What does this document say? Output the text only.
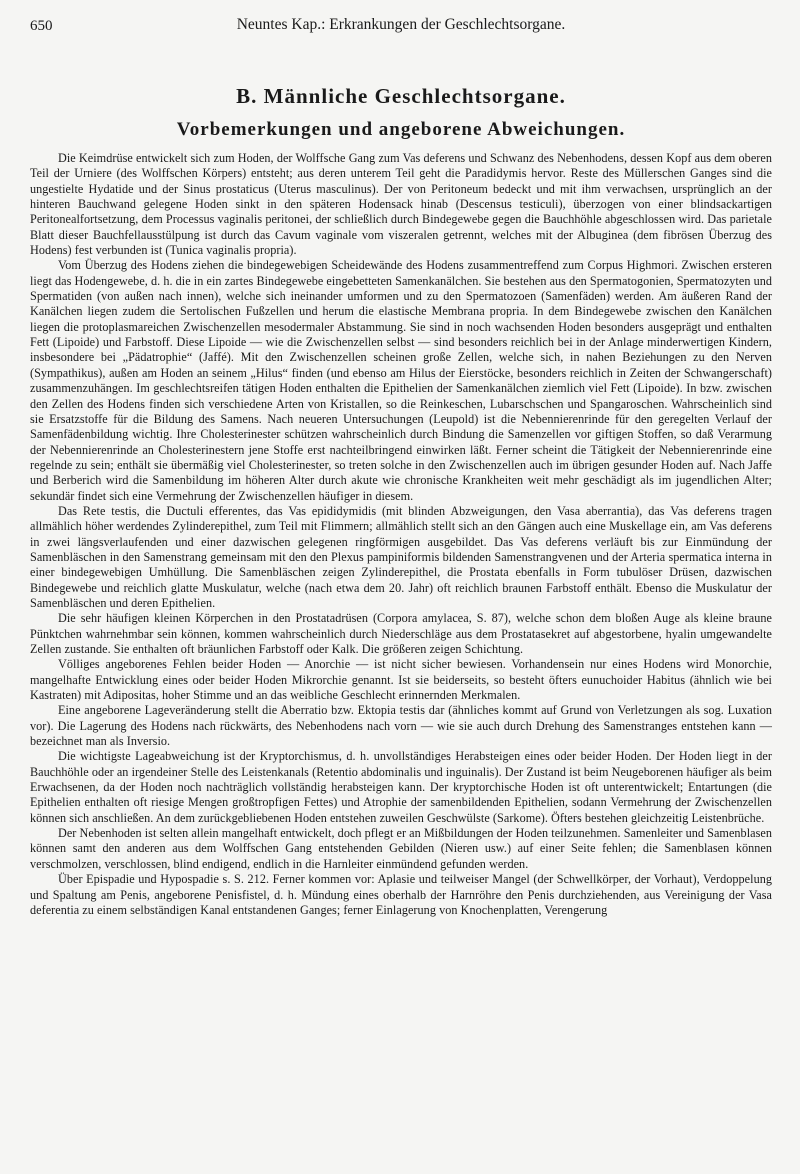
650	Neuntes Kap.: Erkrankungen der Geschlechtsorgane.
B. Männliche Geschlechtsorgane.
Vorbemerkungen und angeborene Abweichungen.

Die Keimdrüse entwickelt sich zum Hoden, der Wolffsche Gang zum Vas deferens und Schwanz des Nebenhodens, dessen Kopf aus dem oberen Teil der Urniere (des Wolffschen Körpers) entsteht; aus deren unterem Teil geht die Paradidymis hervor. Reste des Müllerschen Ganges sind die ungestielte Hydatide und der Sinus prostaticus (Uterus masculinus). Der von Peritoneum bedeckt und mit ihm verwachsen, ursprünglich an der hinteren Bauchwand gelegene Hoden sinkt in den späteren Hodensack hinab (Descensus testiculi), überzogen von einer blindsackartigen Peritonealfortsetzung, dem Processus vaginalis peritonei, der schließlich durch Bindegewebe gegen die Bauchhöhle abgeschlossen wird. Das parietale Blatt dieser Bauchfellausstülpung ist durch das Cavum vaginale vom viszeralen getrennt, welches mit der Albuginea (dem fibrösen Überzug des Hodens) fest verbunden ist (Tunica vaginalis propria).

Vom Überzug des Hodens ziehen die bindegewebigen Scheidewände des Hodens zusammentreffend zum Corpus Highmori. Zwischen ersteren liegt das Hodengewebe, d. h. die in ein zartes Bindegewebe eingebetteten Samenkanälchen. Sie bestehen aus den Spermatogonien, Spermatozyten und Spermatiden (von außen nach innen), welche sich ineinander umformen und zu den Spermatozoen (Samenfäden) werden. Am äußeren Rand der Kanälchen liegen zudem die Sertolischen Fußzellen und herum die elastische Membrana propria. In dem Bindegewebe zwischen den Kanälchen liegen die protoplasmareichen Zwischenzellen mesodermaler Abstammung. Sie sind in noch wachsenden Hoden besonders ausgeprägt und enthalten Fett (Lipoide) und Farbstoff. Diese Lipoide — wie die Zwischenzellen selbst — sind besonders reichlich bei in der Anlage minderwertigen Kindern, insbesondere bei „Pädatrophie“ (Jaffé). Mit den Zwischenzellen scheinen große Zellen, welche sich, in nahen Beziehungen zu den Nerven (Sympathikus), außen am Hoden an seinem „Hilus“ finden (und ebenso am Hilus der Eierstöcke, besonders reichlich in Zeiten der Schwangerschaft) zusammenzuhängen. Im geschlechtsreifen tätigen Hoden enthalten die Epithelien der Samenkanälchen ziemlich viel Fett (Lipoide). In bzw. zwischen den Zellen des Hodens finden sich verschiedene Arten von Kristallen, so die Reinkeschen, Lubarschschen und Spangaroschen. Wahrscheinlich sind sie Ersatzstoffe für die Bildung des Samens. Nach neueren Untersuchungen (Leupold) ist die Nebennierenrinde für den geregelten Verlauf der Samenfädenbildung wichtig. Ihre Cholesterinester schützen wahrscheinlich durch Bindung die Samenzellen vor giftigen Stoffen, so daß Verarmung der Nebennierenrinde an Cholesterinestern jene Stoffe erst nachteilbringend einwirken läßt. Ferner scheint die Tätigkeit der Nebennierenrinde eine regelnde zu sein; enthält sie übermäßig viel Cholesterinester, so treten solche in den Zwischenzellen auch im übrigen gesunder Hoden auf. Nach Jaffe und Berberich wird die Samenbildung im höheren Alter durch akute wie chronische Krankheiten weit mehr geschädigt als im jugendlichen Alter; sekundär findet sich eine Vermehrung der Zwischenzellen häufiger in diesem.

Das Rete testis, die Ductuli efferentes, das Vas epididymidis (mit blinden Abzweigungen, den Vasa aberrantia), das Vas deferens tragen allmählich höher werdendes Zylinderepithel, zum Teil mit Flimmern; allmählich stellt sich an den Gängen auch eine Muskellage ein, am Vas deferens in zwei längsverlaufenden und einer dazwischen gelegenen ringförmigen ausgebildet. Das Vas deferens verläuft bis zur Einmündung der Samenbläschen in den Samenstrang gemeinsam mit den den Plexus pampiniformis bildenden Samenstrangvenen und der Arteria spermatica interna in einer bindegewebigen Umhüllung. Die Samenbläschen zeigen Zylinderepithel, die Prostata ebenfalls in Form tubulöser Drüsen, dazwischen Bindegewebe und reichlich glatte Muskulatur, welche (nach etwa dem 20. Jahr) oft reichlich braunen Farbstoff enthält. Ebenso die Muskulatur der Samenbläschen und deren Epithelien.

Die sehr häufigen kleinen Körperchen in den Prostatadrüsen (Corpora amylacea, S. 87), welche schon dem bloßen Auge als kleine braune Pünktchen wahrnehmbar sein können, kommen wahrscheinlich durch Niederschläge aus dem Prostatasekret auf abgestorbene, hyalin umgewandelte Zellen zustande. Sie enthalten oft bräunlichen Farbstoff oder Kalk. Die größeren zeigen Schichtung.

Völliges angeborenes Fehlen beider Hoden — Anorchie — ist nicht sicher bewiesen. Vorhandensein nur eines Hodens wird Monorchie, mangelhafte Entwicklung eines oder beider Hoden Mikrorchie genannt. Ist sie beiderseits, so besteht öfters eunuchoider Habitus (ähnlich wie bei Kastraten) mit Adipositas, hoher Stimme und an das weibliche Geschlecht erinnernden Merkmalen.

Eine angeborene Lageveränderung stellt die Aberratio bzw. Ektopia testis dar (ähnliches kommt auf Grund von Verletzungen als sog. Luxation vor). Die Lagerung des Hodens nach rückwärts, des Nebenhodens nach vorn — wie sie auch durch Drehung des Samenstranges entstehen kann — bezeichnet man als Inversio.

Die wichtigste Lageabweichung ist der Kryptorchismus, d. h. unvollständiges Herabsteigen eines oder beider Hoden. Der Hoden liegt in der Bauchhöhle oder an irgendeiner Stelle des Leistenkanals (Retentio abdominalis und inguinalis). Der Zustand ist beim Neugeborenen häufiger als beim Erwachsenen, da der Hoden noch nachträglich vollständig herabsteigen kann. Der kryptorchische Hoden ist oft unterentwickelt; Entartungen (die Epithelien enthalten oft riesige Mengen großtropfigen Fettes) und Atrophie der samenbildenden Epithelien, sodann Vermehrung der Zwischenzellen können sich anschließen. An dem zurückgebliebenen Hoden entstehen zuweilen Geschwülste (Sarkome). Öfters bestehen gleichzeitig Leistenbrüche.

Der Nebenhoden ist selten allein mangelhaft entwickelt, doch pflegt er an Mißbildungen der Hoden teilzunehmen. Samenleiter und Samenblasen können samt den anderen aus dem Wolffschen Gang entstehenden Gebilden (Nieren usw.) auf einer Seite fehlen; die Samenblasen können verschmolzen, verschlossen, blind endigend, endlich in die Harnleiter einmündend gefunden werden.

Über Epispadie und Hypospadie s. S. 212. Ferner kommen vor: Aplasie und teilweiser Mangel (der Schwellkörper, der Vorhaut), Verdoppelung und Spaltung am Penis, angeborene Penisfistel, d. h. Mündung eines oberhalb der Harnröhre den Penis durchziehenden, aus Vereinigung der Vasa deferentia zu einem selbständigen Kanal entstandenen Ganges; ferner Einlagerung von Knochenplatten, Verengerung
